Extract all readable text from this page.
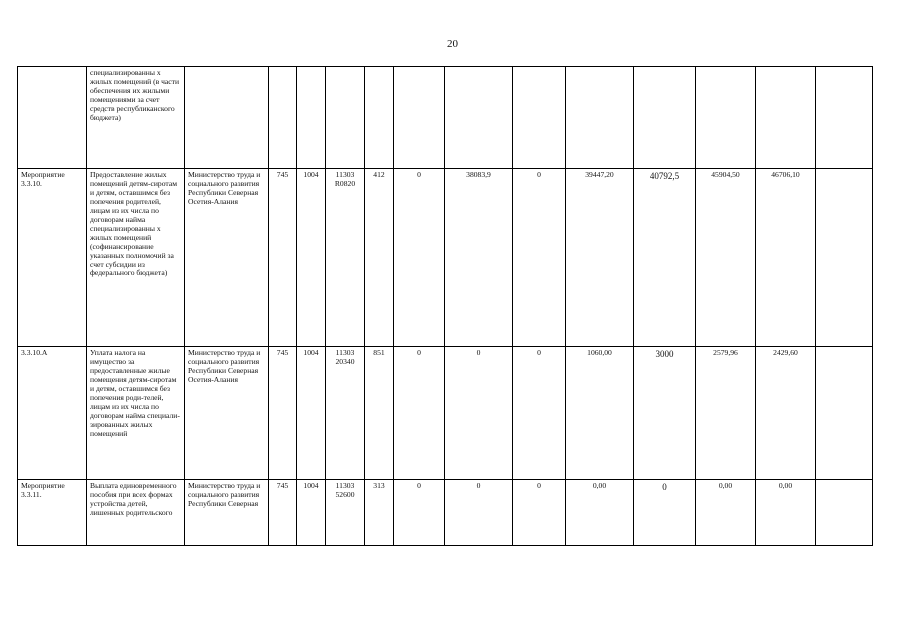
20
	специализированны х жилых помещений (в части обеспечения их жилыми помещениями за счет средств республиканского бюджета)														
Мероприятие 3.3.10.	Предоставление жилых помещений детям-сиротам и детям, оставшимся без попечения родителей, лицам из их числа по договорам найма специализированны х жилых помещений (софинансирование указанных полномочий за счет субсидии из федерального бюджета)	Министерство труда и социального развития Республики Северная Осетия-Алания	745	1004	11303 R0820	412	0	38083,9	0	39447,20	40792,5	45904,50	46706,10		
3.3.10.A	Уплата налога на имущество за предоставленные жилые помещения детям-сиротам и детям, оставшимся без попечения роди-телей, лицам из их числа по договорам найма специали-зированных жилых помещений	Министерство труда и социального развития Республики Северная Осетия-Алания	745	1004	11303 20340	851	0	0	0	1060,00	3000	2579,96	2429,60		
Мероприятие 3.3.11.	Выплата единовременного пособия при всех формах устройства детей, лишенных родительского	Министерство труда и социального развития Республики Северная	745	1004	11303 52600	313	0	0	0	0,00	0	0,00	0,00		
